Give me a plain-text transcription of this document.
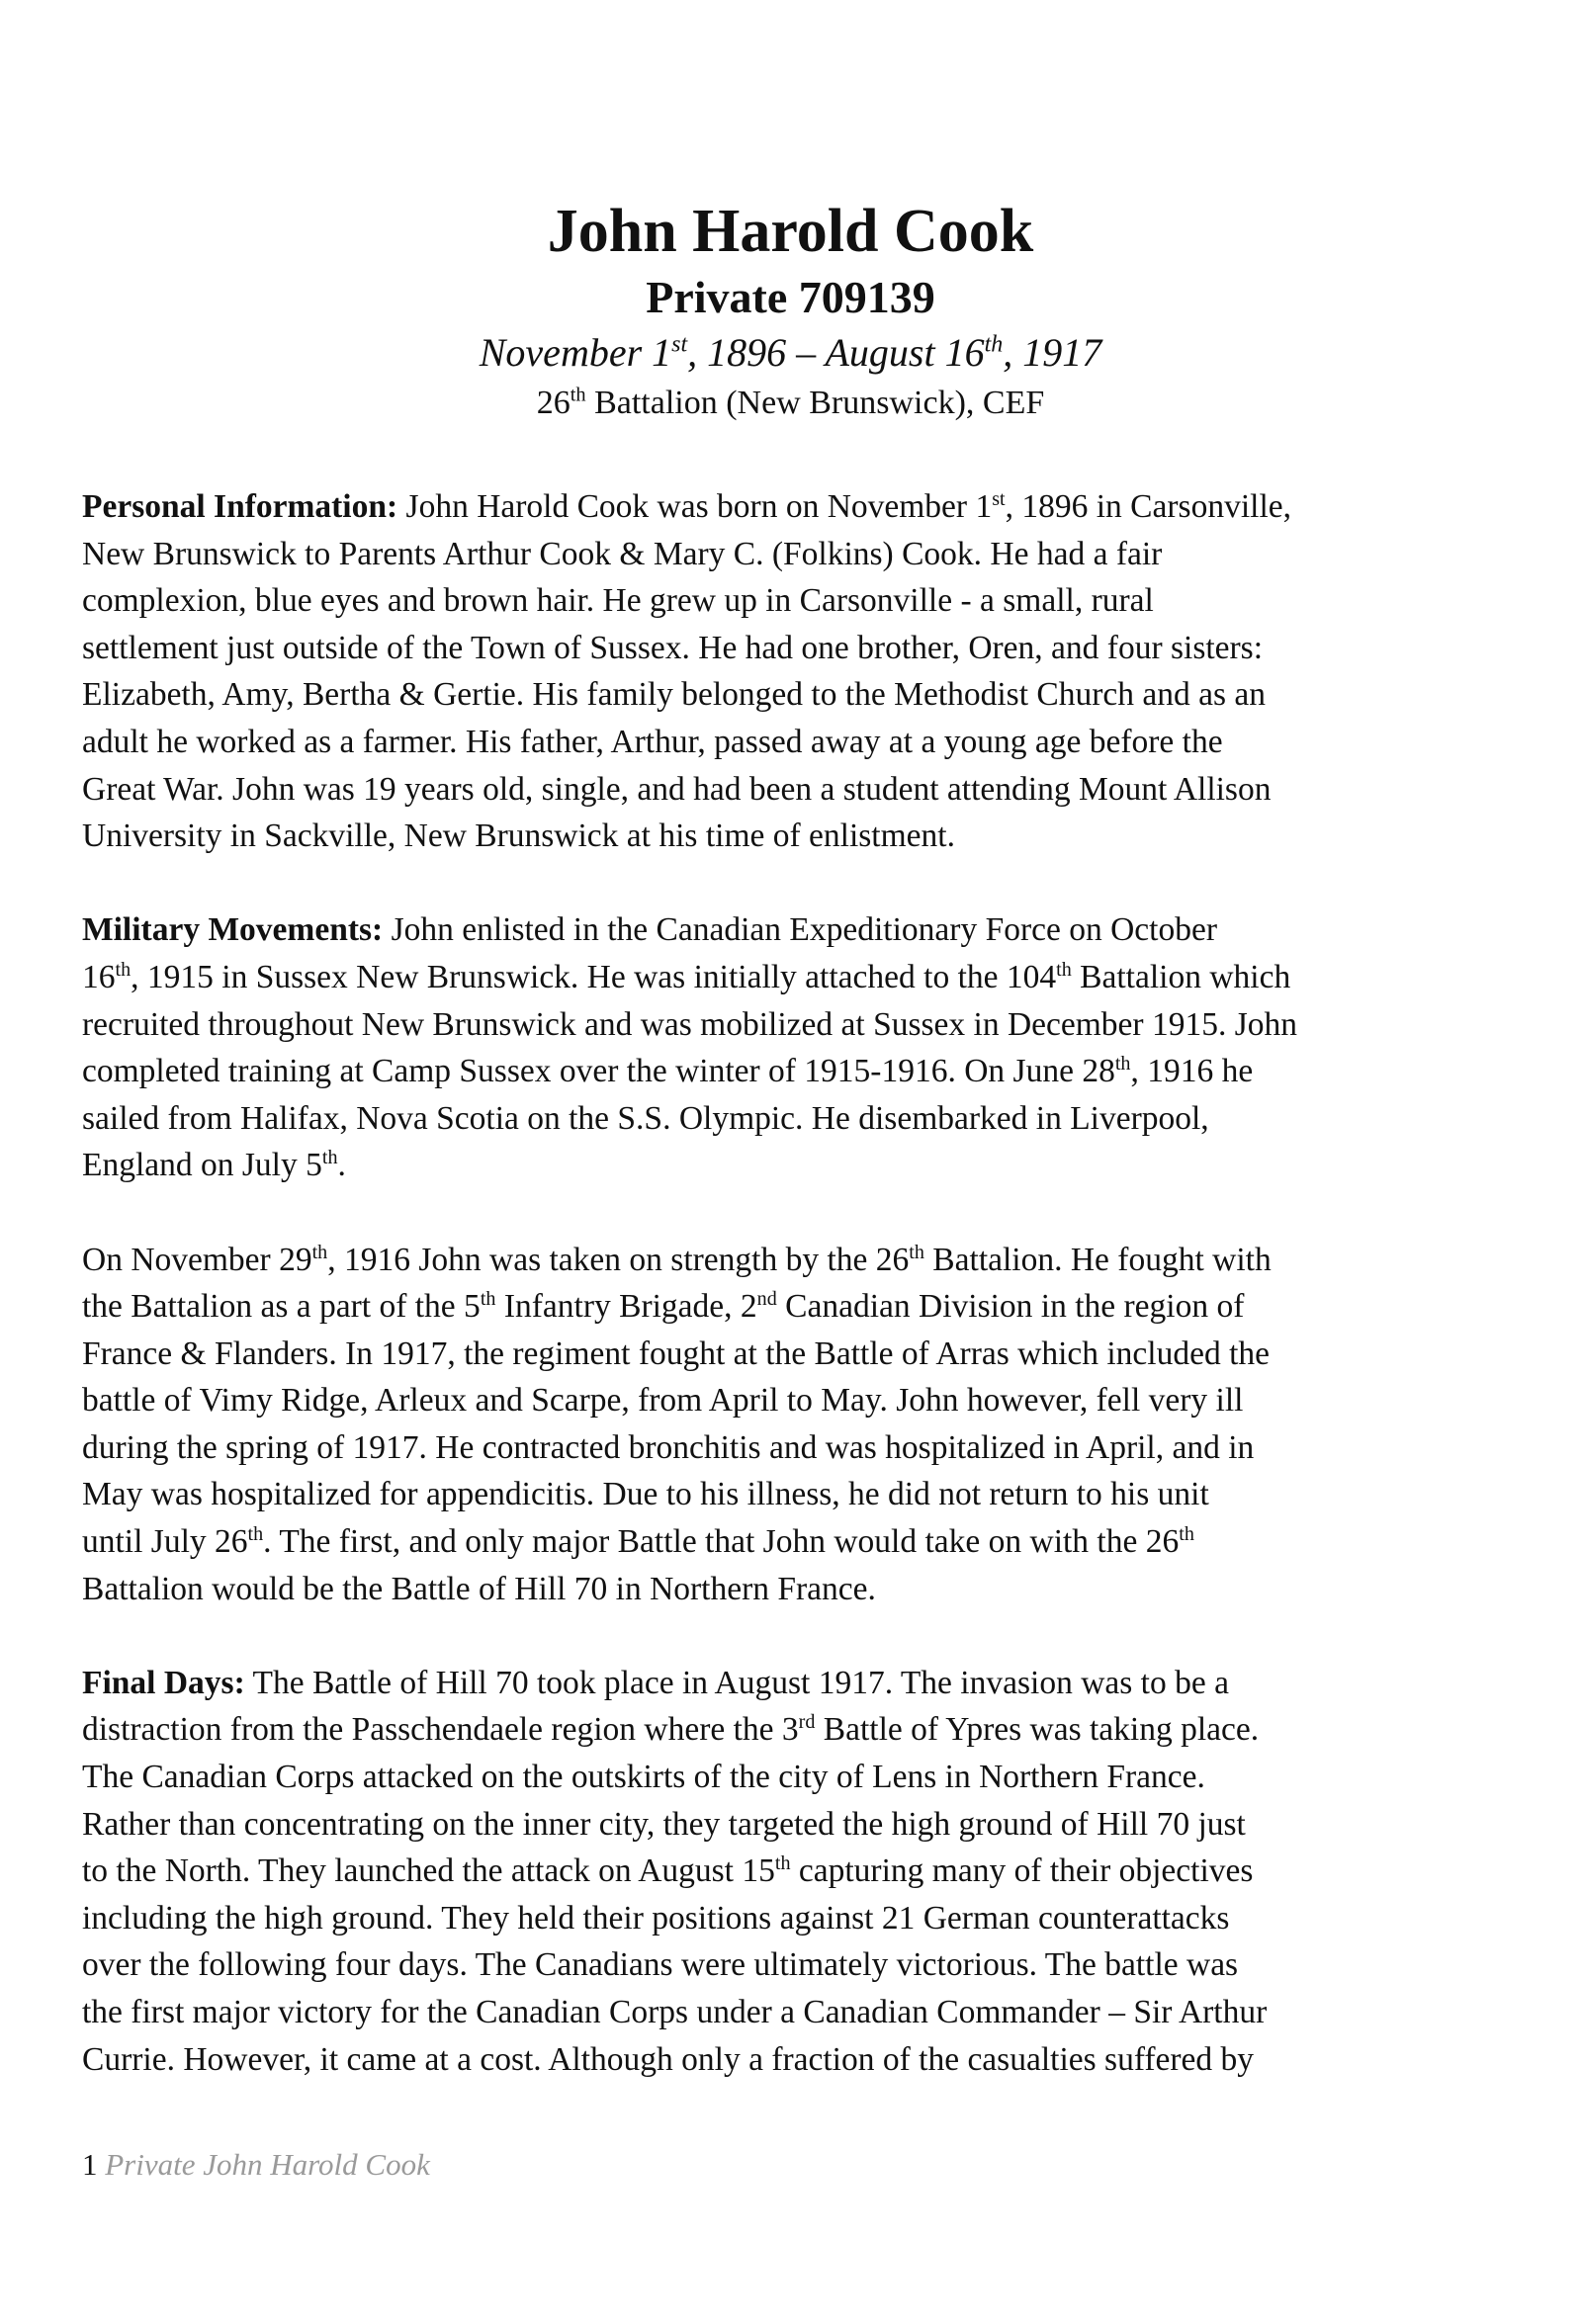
John Harold Cook

Private 709139

November 1st, 1896 – August 16th, 1917

26th Battalion (New Brunswick), CEF

Personal Information: John Harold Cook was born on November 1st, 1896 in Carsonville,
New Brunswick to Parents Arthur Cook & Mary C. (Folkins) Cook. He had a fair
complexion, blue eyes and brown hair. He grew up in Carsonville - a small, rural
settlement just outside of the Town of Sussex. He had one brother, Oren, and four sisters:
Elizabeth, Amy, Bertha & Gertie. His family belonged to the Methodist Church and as an
adult he worked as a farmer. His father, Arthur, passed away at a young age before the
Great War. John was 19 years old, single, and had been a student attending Mount Allison
University in Sackville, New Brunswick at his time of enlistment.

Military Movements: John enlisted in the Canadian Expeditionary Force on October
16th, 1915 in Sussex New Brunswick. He was initially attached to the 104th Battalion which
recruited throughout New Brunswick and was mobilized at Sussex in December 1915. John
completed training at Camp Sussex over the winter of 1915-1916. On June 28th, 1916 he
sailed from Halifax, Nova Scotia on the S.S. Olympic. He disembarked in Liverpool,
England on July 5th.

On November 29th, 1916 John was taken on strength by the 26th Battalion. He fought with
the Battalion as a part of the 5th Infantry Brigade, 2nd Canadian Division in the region of
France & Flanders. In 1917, the regiment fought at the Battle of Arras which included the
battle of Vimy Ridge, Arleux and Scarpe, from April to May. John however, fell very ill
during the spring of 1917. He contracted bronchitis and was hospitalized in April, and in
May was hospitalized for appendicitis. Due to his illness, he did not return to his unit
until July 26th. The first, and only major Battle that John would take on with the 26th
Battalion would be the Battle of Hill 70 in Northern France.

Final Days: The Battle of Hill 70 took place in August 1917. The invasion was to be a
distraction from the Passchendaele region where the 3rd Battle of Ypres was taking place.
The Canadian Corps attacked on the outskirts of the city of Lens in Northern France.
Rather than concentrating on the inner city, they targeted the high ground of Hill 70 just
to the North. They launched the attack on August 15th capturing many of their objectives
including the high ground. They held their positions against 21 German counterattacks
over the following four days. The Canadians were ultimately victorious. The battle was
the first major victory for the Canadian Corps under a Canadian Commander – Sir Arthur
Currie. However, it came at a cost. Although only a fraction of the casualties suffered by

1 Private John Harold Cook
